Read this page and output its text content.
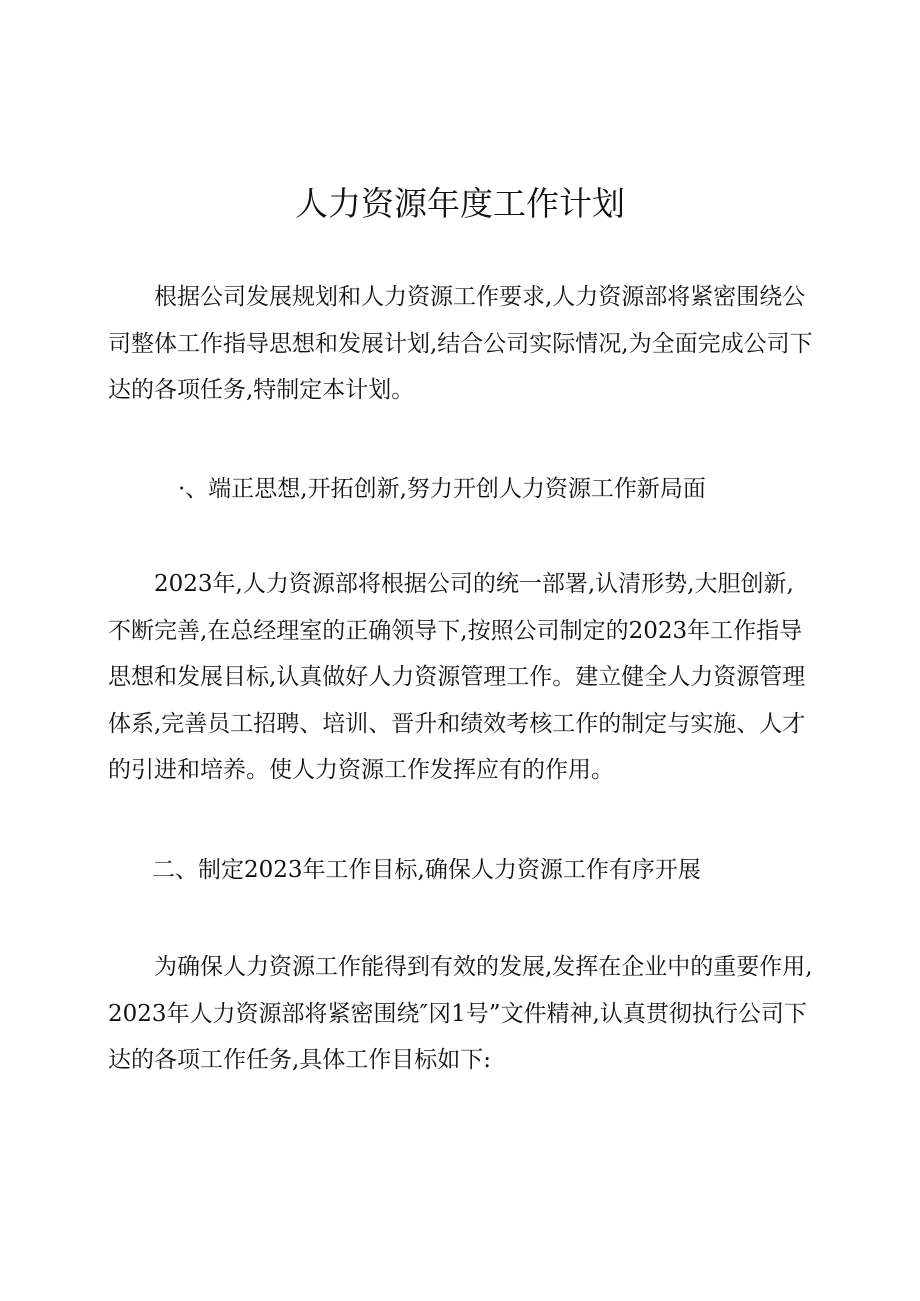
人力资源年度工作计划

根据公司发展规划和人力资源工作要求,人力资源部将紧密围绕公司整体工作指导思想和发展计划,结合公司实际情况,为全面完成公司下达的各项任务,特制定本计划。

·、端正思想,开拓创新,努力开创人力资源工作新局面

2023年,人力资源部将根据公司的统一部署,认清形势,大胆创新,不断完善,在总经理室的正确领导下,按照公司制定的2023年工作指导思想和发展目标,认真做好人力资源管理工作。建立健全人力资源管理体系,完善员工招聘、培训、晋升和绩效考核工作的制定与实施、人才的引进和培养。使人力资源工作发挥应有的作用。

二、制定2023年工作目标,确保人力资源工作有序开展

为确保人力资源工作能得到有效的发展,发挥在企业中的重要作用,2023年人力资源部将紧密围绕″冈1号”文件精神,认真贯彻执行公司下达的各项工作任务,具体工作目标如下:
